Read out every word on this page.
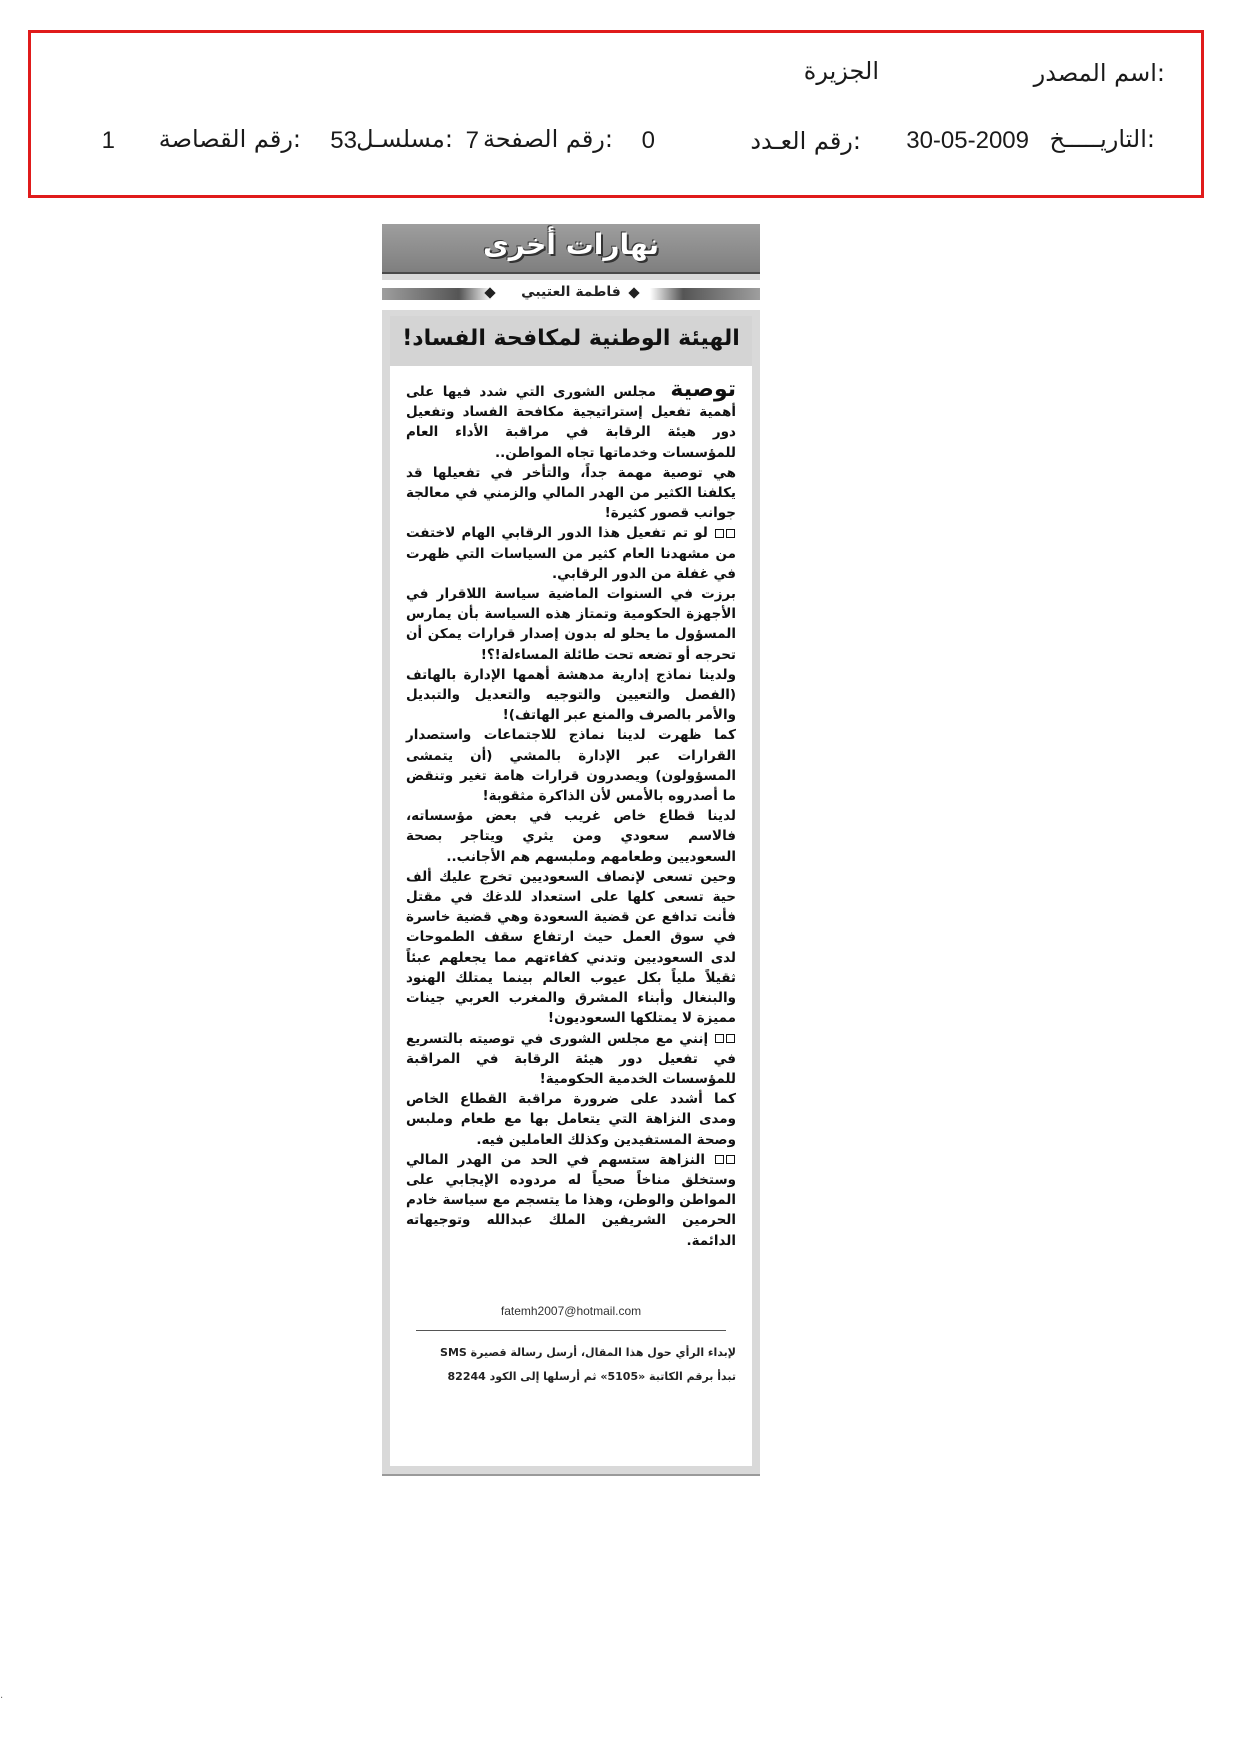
اسم المصدر:
الجزيرة
التاريـــــخ:
30-05-2009
رقم العـدد:
0
رقم الصفحة:
7
مسلسـل:
53
رقم القصاصة:
1
نهارات أخرى
فاطمة العتيبي
الهيئة الوطنية لمكافحة الفساد!

توصية مجلس الشورى التي شدد فيها على أهمية تفعيل إستراتيجية مكافحة الفساد وتفعيل دور هيئة الرقابة في مراقبة الأداء العام للمؤسسات وخدماتها تجاه المواطن..

هي توصية مهمة جداً، والتأخر في تفعيلها قد يكلفنا الكثير من الهدر المالي والزمني في معالجة جوانب قصور كثيرة!

لو تم تفعيل هذا الدور الرقابي الهام لاختفت من مشهدنا العام كثير من السياسات التي ظهرت في غفلة من الدور الرقابي.

برزت في السنوات الماضية سياسة اللاقرار في الأجهزة الحكومية وتمتاز هذه السياسة بأن يمارس المسؤول ما يحلو له بدون إصدار قرارات يمكن أن تحرجه أو تضعه تحت طائلة المساءلة!؟!

ولدينا نماذج إدارية مدهشة أهمها الإدارة بالهاتف (الفصل والتعيين والتوجيه والتعديل والتبديل والأمر بالصرف والمنع عبر الهاتف)!

كما ظهرت لدينا نماذج للاجتماعات واستصدار القرارات عبر الإدارة بالمشي (أن يتمشى المسؤولون) ويصدرون قرارات هامة تغير وتنقض ما أصدروه بالأمس لأن الذاكرة مثقوبة!

لدينا قطاع خاص غريب في بعض مؤسساته، فالاسم سعودي ومن يثري ويتاجر بصحة السعوديين وطعامهم وملبسهم هم الأجانب..

وحين تسعى لإنصاف السعوديين تخرج عليك ألف حية تسعى كلها على استعداد للدغك في مقتل فأنت تدافع عن قضية السعودة وهي قضية خاسرة في سوق العمل حيث ارتفاع سقف الطموحات لدى السعوديين وتدني كفاءتهم مما يجعلهم عبئاً ثقيلاً ملياً بكل عيوب العالم بينما يمتلك الهنود والبنغال وأبناء المشرق والمغرب العربي جينات مميزة لا يمتلكها السعوديون!

إنني مع مجلس الشورى في توصيته بالتسريع في تفعيل دور هيئة الرقابة في المراقبة للمؤسسات الخدمية الحكومية!

كما أشدد على ضرورة مراقبة القطاع الخاص ومدى النزاهة التي يتعامل بها مع طعام وملبس وصحة المستفيدين وكذلك العاملين فيه.

النزاهة ستسهم في الحد من الهدر المالي وستخلق مناخاً صحياً له مردوده الإيجابي على المواطن والوطن، وهذا ما يتسجم مع سياسة خادم الحرمين الشريفين الملك عبدالله وتوجيهاته الدائمة.

fatemh2007@hotmail.com
لإبداء الرأي حول هذا المقال، أرسل رسالة قصيرة SMS
تبدأ برقم الكاتبة «5105» ثم أرسلها إلى الكود 82244
.
